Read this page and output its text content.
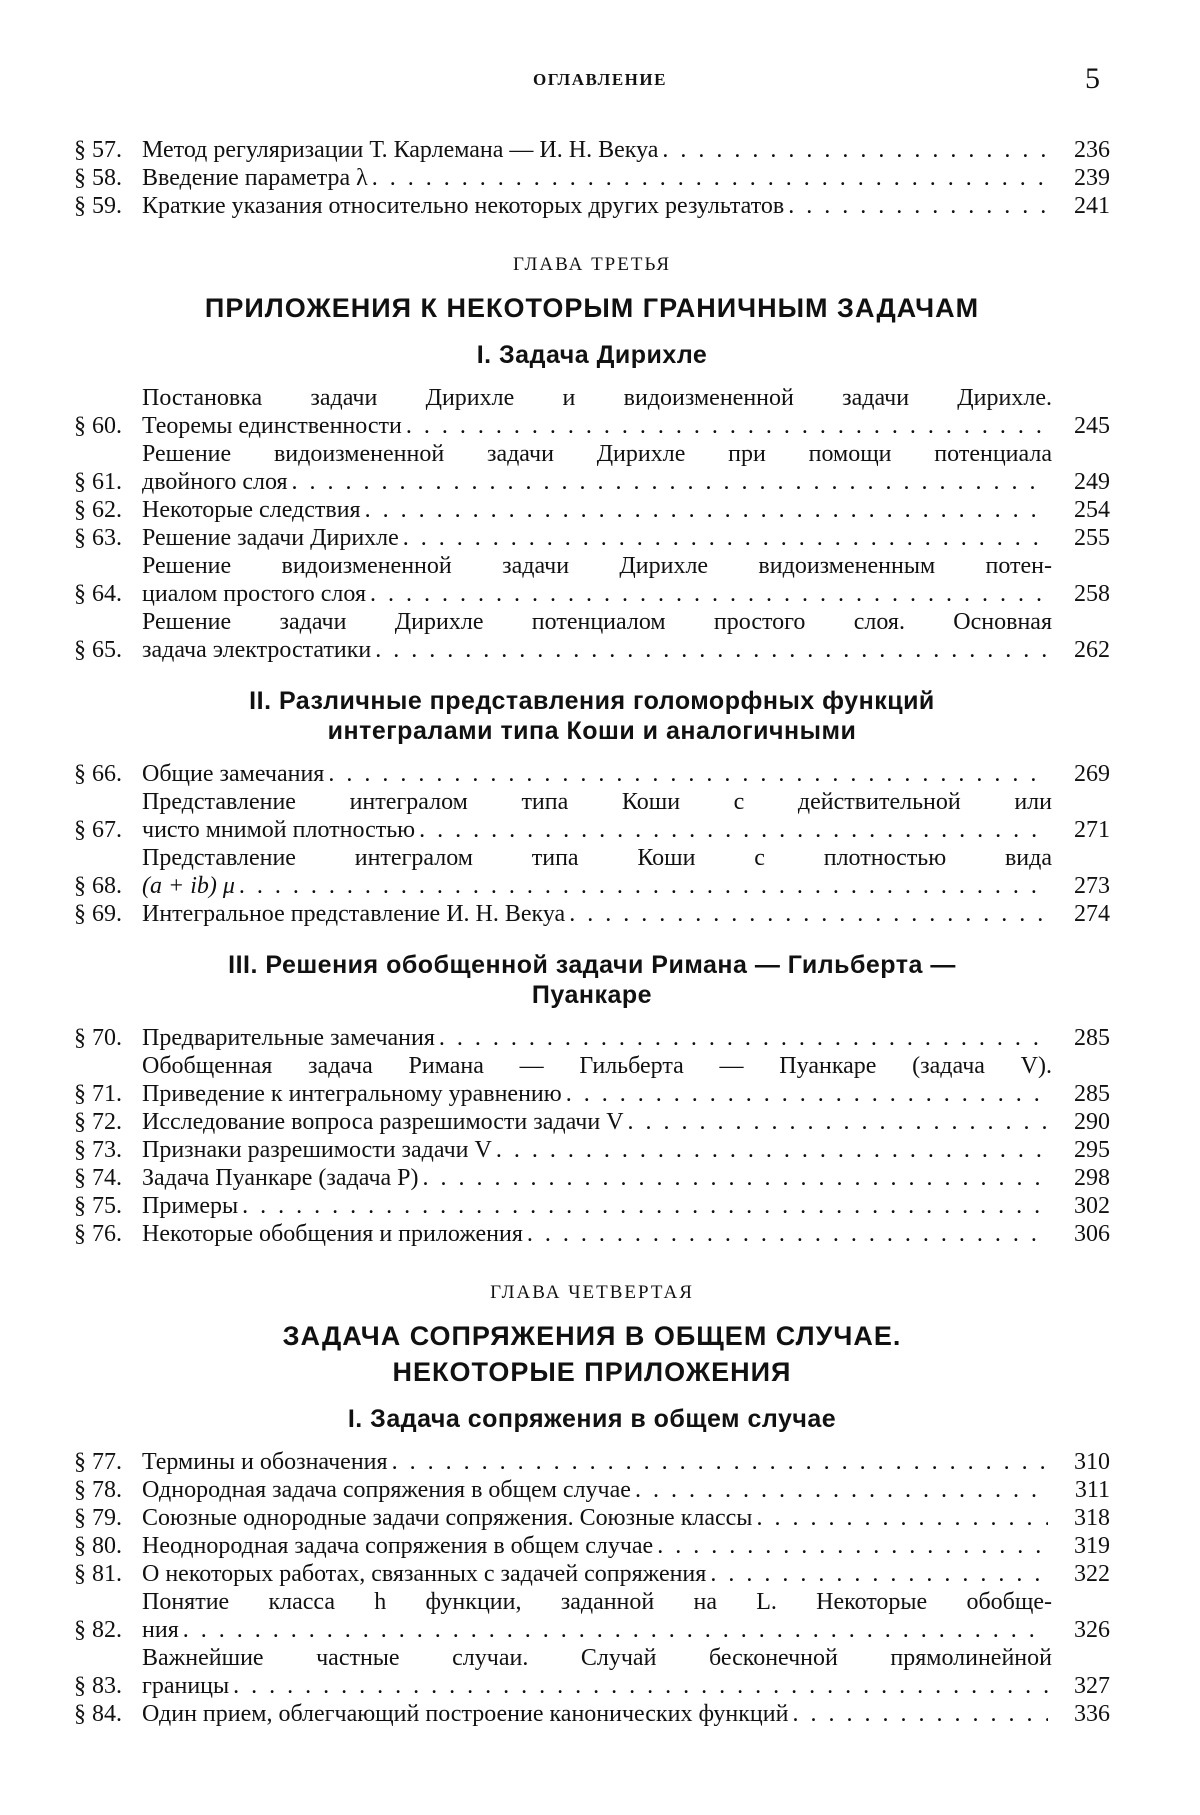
ОГЛАВЛЕНИЕ	5
§ 57. Метод регуляризации Т. Карлемана — И. Н. Векуа
. . .	236
§ 58. Введение параметра λ
. . .	239
§ 59. Краткие указания относительно некоторых других результатов
. . .	241
ГЛАВА ТРЕТЬЯ
ПРИЛОЖЕНИЯ К НЕКОТОРЫМ ГРАНИЧНЫМ ЗАДАЧАМ
I. Задача Дирихле
§ 60.
Постановка задачи Дирихле и видоизмененной задачи Дирихле.
Теоремы единственности
. . .	245
§ 61.
Решение видоизмененной задачи Дирихле при помощи потенциала
двойного слоя
. . .	249
§ 62. Некоторые следствия
. . .	254
§ 63. Решение задачи Дирихле
. . .	255
§ 64.
Решение видоизмененной задачи Дирихле видоизмененным потен-
циалом простого слоя
. . .	258
§ 65.
Решение задачи Дирихле потенциалом простого слоя. Основная
задача электростатики
. . .	262
II. Различные представления голоморфных функций
интегралами типа Коши и аналогичными
§ 66. Общие замечания
. . .	269
§ 67.
Представление интегралом типа Коши с действительной или
чисто мнимой плотностью
. . .	271
§ 68.
Представление интегралом типа Коши с плотностью вида
(a + ib) μ
. . .	273
§ 69. Интегральное представление И. Н. Векуа
. . .	274
III. Решения обобщенной задачи Римана — Гильберта —
Пуанкаре
§ 70. Предварительные замечания
. . .	285
§ 71.
Обобщенная задача Римана — Гильберта — Пуанкаре (задача V).
Приведение к интегральному уравнению
. . .	285
§ 72. Исследование вопроса разрешимости задачи V
. . .	290
§ 73. Признаки разрешимости задачи V
. . .	295
§ 74. Задача Пуанкаре (задача P)
. . .	298
§ 75. Примеры
. . .	302
§ 76. Некоторые обобщения и приложения
. . .	306
ГЛАВА ЧЕТВЕРТАЯ
ЗАДАЧА СОПРЯЖЕНИЯ В ОБЩЕМ СЛУЧАЕ.
НЕКОТОРЫЕ ПРИЛОЖЕНИЯ
I. Задача сопряжения в общем случае
§ 77. Термины и обозначения
. . .	310
§ 78. Однородная задача сопряжения в общем случае
. . .	311
§ 79. Союзные однородные задачи сопряжения. Союзные классы
. . .	318
§ 80. Неоднородная задача сопряжения в общем случае
. . .	319
§ 81. О некоторых работах, связанных с задачей сопряжения
. . .	322
§ 82.
Понятие класса h функции, заданной на L. Некоторые обобще-
ния
. . .	326
§ 83.
Важнейшие частные случаи. Случай бесконечной прямолинейной
границы
. . .	327
§ 84. Один прием, облегчающий построение канонических функций
. . .	336
